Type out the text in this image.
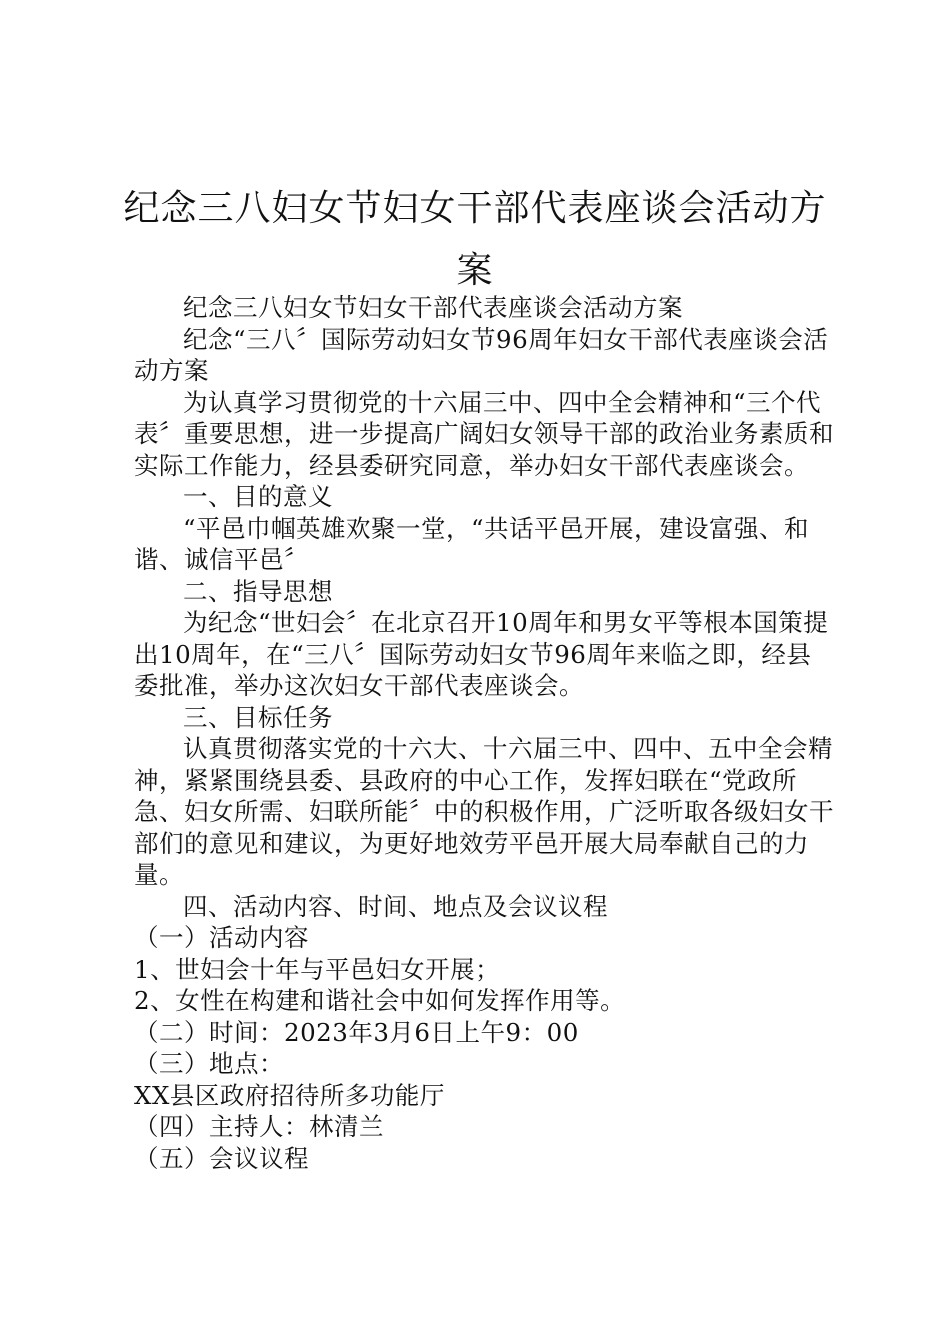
纪念三八妇女节妇女干部代表座谈会活动方
案

纪念三八妇女节妇女干部代表座谈会活动方案

纪念“三八〞国际劳动妇女节96周年妇女干部代表座谈会活动方案

为认真学习贯彻党的十六届三中、四中全会精神和“三个代表〞重要思想，进一步提高广阔妇女领导干部的政治业务素质和实际工作能力，经县委研究同意，举办妇女干部代表座谈会。

一、目的意义

“平邑巾帼英雄欢聚一堂，“共话平邑开展，建设富强、和谐、诚信平邑〞

二、指导思想

为纪念“世妇会〞在北京召开10周年和男女平等根本国策提出10周年，在“三八〞国际劳动妇女节96周年来临之即，经县委批准，举办这次妇女干部代表座谈会。

三、目标任务

认真贯彻落实党的十六大、十六届三中、四中、五中全会精神，紧紧围绕县委、县政府的中心工作，发挥妇联在“党政所急、妇女所需、妇联所能〞中的积极作用，广泛听取各级妇女干部们的意见和建议，为更好地效劳平邑开展大局奉献自己的力量。

四、活动内容、时间、地点及会议议程

（一）活动内容

1、世妇会十年与平邑妇女开展；

2、女性在构建和谐社会中如何发挥作用等。

（二）时间：2023年3月6日上午9：00

（三）地点：

XX县区政府招待所多功能厅

（四）主持人：林清兰

（五）会议议程
